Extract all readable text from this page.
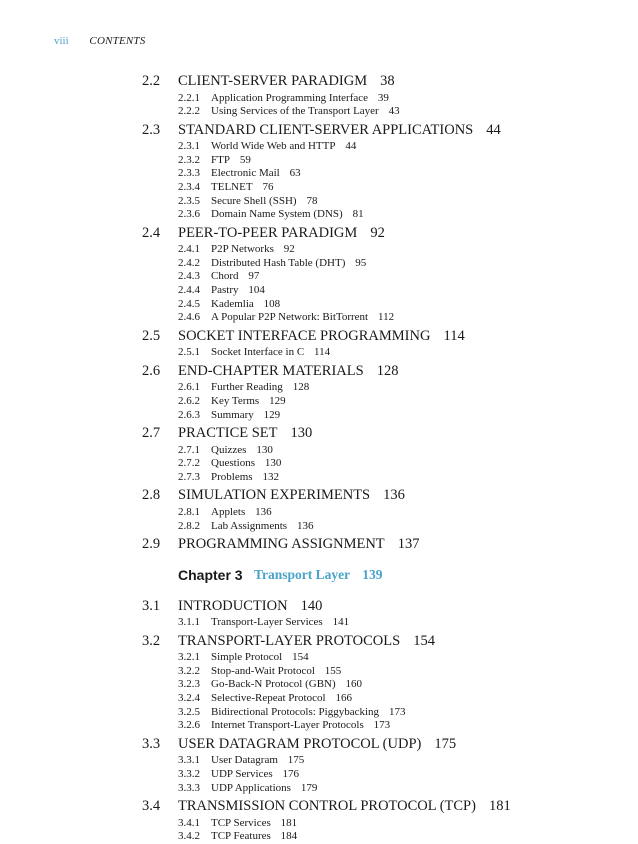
viii CONTENTS
2.2 CLIENT-SERVER PARADIGM 38
2.2.1 Application Programming Interface 39
2.2.2 Using Services of the Transport Layer 43
2.3 STANDARD CLIENT-SERVER APPLICATIONS 44
2.3.1 World Wide Web and HTTP 44
2.3.2 FTP 59
2.3.3 Electronic Mail 63
2.3.4 TELNET 76
2.3.5 Secure Shell (SSH) 78
2.3.6 Domain Name System (DNS) 81
2.4 PEER-TO-PEER PARADIGM 92
2.4.1 P2P Networks 92
2.4.2 Distributed Hash Table (DHT) 95
2.4.3 Chord 97
2.4.4 Pastry 104
2.4.5 Kademlia 108
2.4.6 A Popular P2P Network: BitTorrent 112
2.5 SOCKET INTERFACE PROGRAMMING 114
2.5.1 Socket Interface in C 114
2.6 END-CHAPTER MATERIALS 128
2.6.1 Further Reading 128
2.6.2 Key Terms 129
2.6.3 Summary 129
2.7 PRACTICE SET 130
2.7.1 Quizzes 130
2.7.2 Questions 130
2.7.3 Problems 132
2.8 SIMULATION EXPERIMENTS 136
2.8.1 Applets 136
2.8.2 Lab Assignments 136
2.9 PROGRAMMING ASSIGNMENT 137
Chapter 3 Transport Layer 139
3.1 INTRODUCTION 140
3.1.1 Transport-Layer Services 141
3.2 TRANSPORT-LAYER PROTOCOLS 154
3.2.1 Simple Protocol 154
3.2.2 Stop-and-Wait Protocol 155
3.2.3 Go-Back-N Protocol (GBN) 160
3.2.4 Selective-Repeat Protocol 166
3.2.5 Bidirectional Protocols: Piggybacking 173
3.2.6 Internet Transport-Layer Protocols 173
3.3 USER DATAGRAM PROTOCOL (UDP) 175
3.3.1 User Datagram 175
3.3.2 UDP Services 176
3.3.3 UDP Applications 179
3.4 TRANSMISSION CONTROL PROTOCOL (TCP) 181
3.4.1 TCP Services 181
3.4.2 TCP Features 184
